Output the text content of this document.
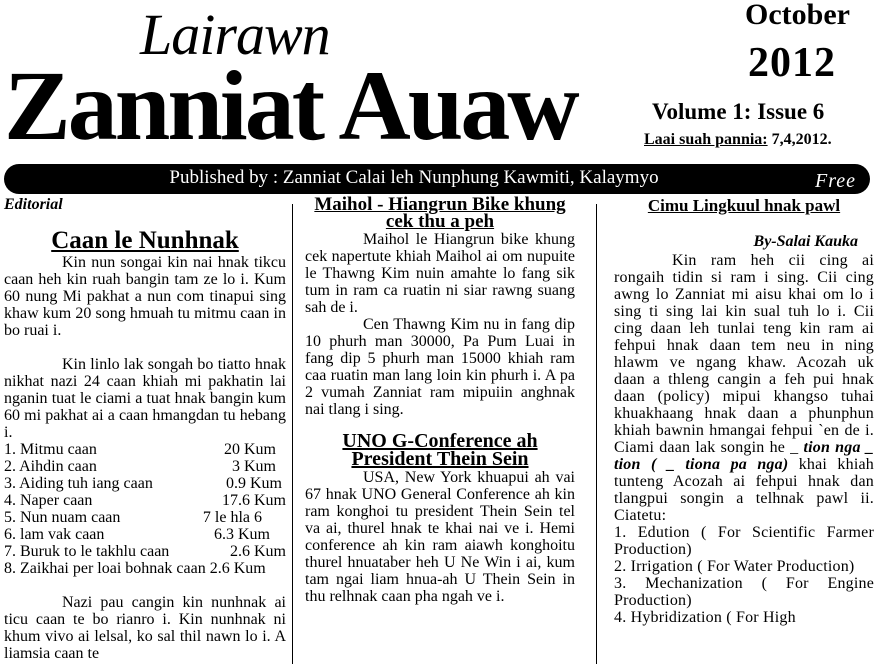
Lairawn
Zanniat Auaw
October
2012
Volume 1: Issue 6
Laai suah pannia: 7,4,2012.
Published by : Zanniat Calai leh Nunphung Kawmiti, Kalaymyo	Free
Editorial
Caan le Nunhnak

Kin nun songai kin nai hnak tikcu caan heh kin ruah bangin tam ze lo i. Kum 60 nung Mi pakhat a nun com tinapui sing khaw kum 20 song hmuah tu mitmu caan in bo ruai i.

Kin linlo lak songah bo tiatto hnak nikhat nazi 24 caan khiah mi pakhatin lai nganin tuat le ciami a tuat hnak bangin kum 60 mi pakhat ai a caan hmangdan tu hebang i.

1. Mitmu caan	20 Kum
2. Aihdin caan	3 Kum
3. Aiding tuh iang caan	0.9 Kum
4. Naper caan	17.6 Kum
5. Nun nuam caan	7 le hla 6
6. lam vak caan	6.3 Kum
7. Buruk to le takhlu caan	2.6 Kum

8. Zaikhai per loai bohnak caan 2.6 Kum

Nazi pau cangin kin nunhnak ai ticu caan te bo rianro i. Kin nunhnak ni khum vivo ai lelsal, ko sal thil nawn lo i. A liamsia caan te

Maihol - Hiangrun Bike khung cek thu a peh

Maihol le Hiangrun bike khung cek napertute khiah Maihol ai om nupuite le Thawng Kim nuin amahte lo fang sik tum in ram ca ruatin ni siar rawng suang sah de i.

Cen Thawng Kim nu in fang dip 10 phurh man 30000, Pa Pum Luai in fang dip 5 phurh man 15000 khiah ram caa ruatin man lang loin kin phurh i. A pa 2 vumah Zanniat ram mipuiin anghnak nai tlang i sing.

UNO G-Conference ah President Thein Sein

USA, New York khuapui ah vai 67 hnak UNO General Conference ah kin ram konghoi tu president Thein Sein tel va ai, thurel hnak te khai nai ve i. Hemi conference ah kin ram aiawh konghoitu thurel hnuataber heh U Ne Win i ai, kum tam ngai liam hnua-ah U Thein Sein in thu relhnak caan pha ngah ve i.

Cimu Lingkuul hnak pawl
By-Salai Kauka

Kin ram heh cii cing ai rongaih tidin si ram i sing. Cii cing awng lo Zanniat mi aisu khai om lo i sing ti sing lai kin sual tuh lo i. Cii cing daan leh tunlai teng kin ram ai fehpui hnak daan tem neu in ning hlawm ve ngang khaw. Acozah uk daan a thleng cangin a feh pui hnak daan (policy) mipui khangso tuhai khuakhaang hnak daan a phunphun khiah bawnin hmangai fehpui `en de i. Ciami daan lak songin he _ tion nga _ tion ( _ tiona pa nga) khai khiah tunteng Acozah ai fehpui hnak dan tlangpui songin a telhnak pawl ii. Ciatetu:

1. Edution ( For Scientific Farmer Production)

2. Irrigation ( For Water Production)

3. Mechanization ( For Engine Production)

4. Hybridization ( For High
